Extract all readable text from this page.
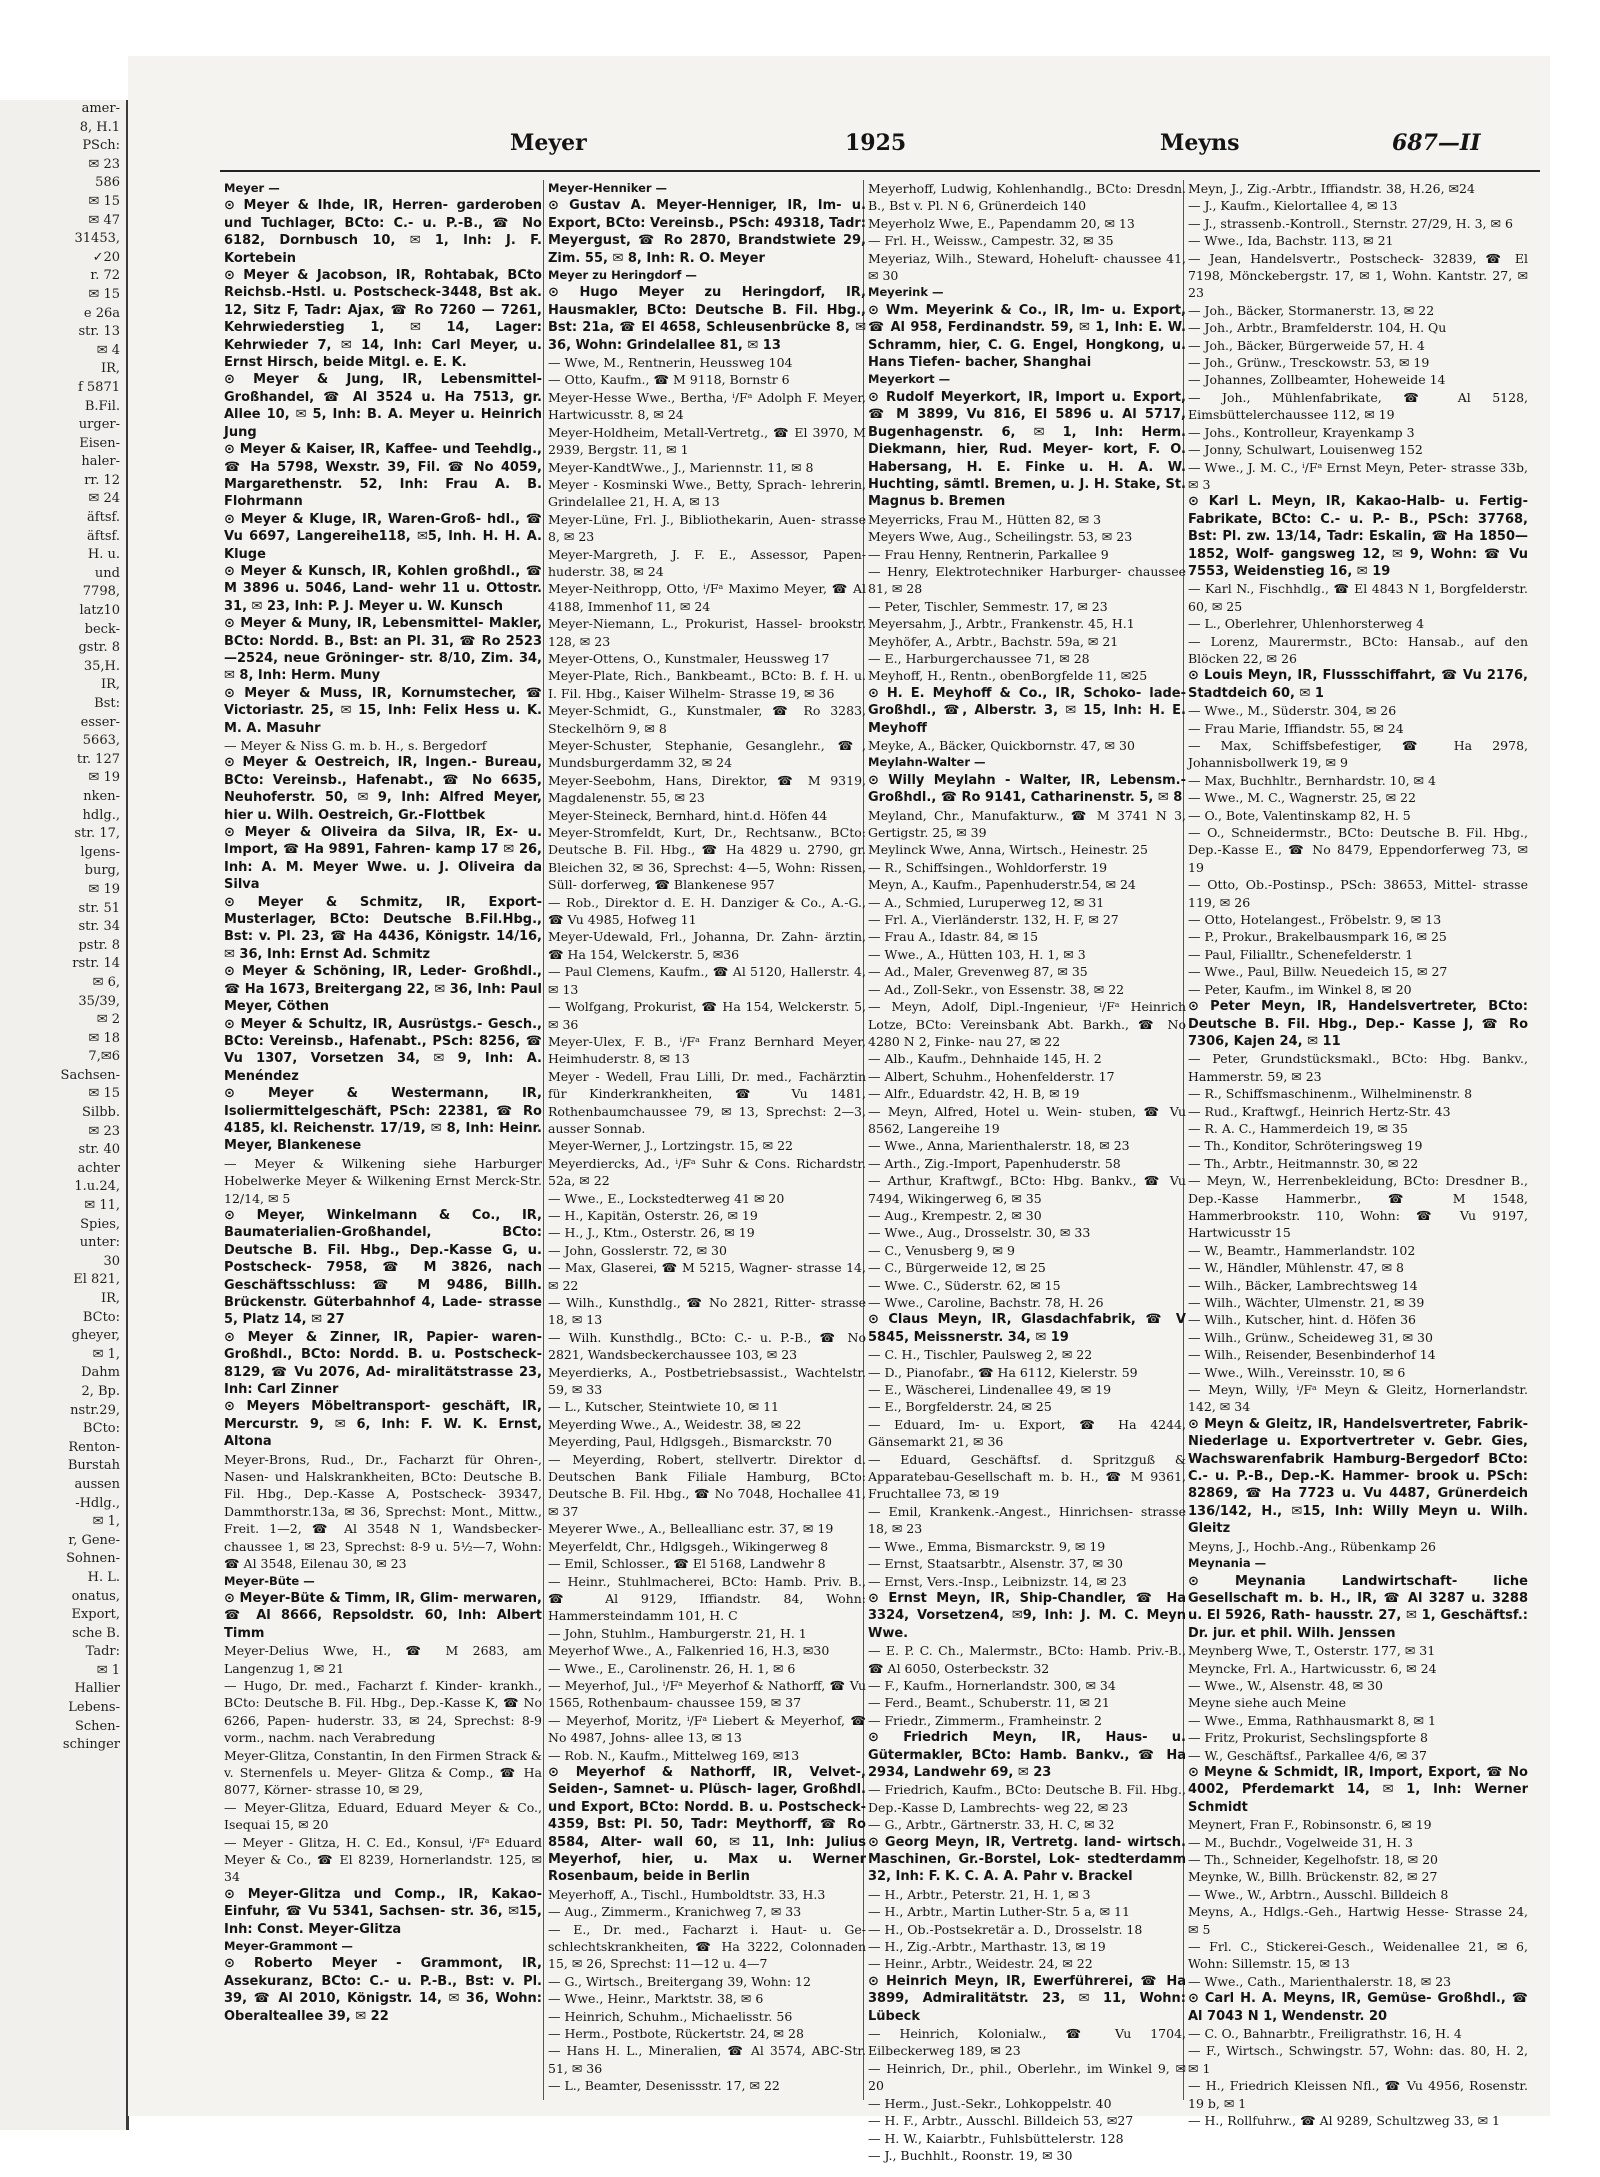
amer-
8, H.1
PSch:
✉ 23
586
✉ 15
✉ 47
31453,
✓20
r. 72
✉ 15
e 26a
str. 13
✉ 4
IR,
f 5871
B.Fil.
urger-
Eisen-
haler-
rr. 12
✉ 24
äftsf.
äftsf.
H. u.
und
7798,
latz10
beck-
gstr. 8
35,H.
IR,
Bst:
esser-
5663,
tr. 127
✉ 19
nken-
hdlg.,
str. 17,
lgens-
burg,
✉ 19
str. 51
str. 34
pstr. 8
rstr. 14
✉ 6,
35/39,
✉ 2
✉ 18
7,✉6
Sachsen-
✉ 15
Silbb.
✉ 23
str. 40
achter
1.u.24,
✉ 11,
Spies,
unter:
30
El 821,
IR,
BCto:
gheyer,
✉ 1,
Dahm
2, Bp.
nstr.29,
BCto:
Renton-
Burstah
aussen
-Hdlg.,
✉ 1,
r, Gene-
Sohnen-
H. L.
onatus,
Export,
sche B.
Tadr:
✉ 1
Hallier
Lebens-
Schen-
schinger
Meyer	1925	Meyns	687—II

Meyer —

⊙ Meyer & Ihde, IR, Herren- garderoben und Tuchlager, BCto: C.- u. P.-B., ☎ No 6182, Dornbusch 10, ✉ 1, Inh: J. F. Kortebein

⊙ Meyer & Jacobson, IR, Rohtabak, BCto Reichsb.-Hstl. u. Postscheck-3448, Bst ak. 12, Sitz F, Tadr: Ajax, ☎ Ro 7260 — 7261, Kehrwiederstieg 1, ✉ 14, Lager: Kehrwieder 7, ✉ 14, Inh: Carl Meyer, u. Ernst Hirsch, beide Mitgl. e. E. K.

⊙ Meyer & Jung, IR, Lebensmittel- Großhandel, ☎ Al 3524 u. Ha 7513, gr. Allee 10, ✉ 5, Inh: B. A. Meyer u. Heinrich Jung

⊙ Meyer & Kaiser, IR, Kaffee- und Teehdlg., ☎ Ha 5798, Wexstr. 39, Fil. ☎ No 4059, Margarethenstr. 52, Inh: Frau A. B. Flohrmann

⊙ Meyer & Kluge, IR, Waren-Groß- hdl., ☎ Vu 6697, Langereihe118, ✉5, Inh. H. H. A. Kluge

⊙ Meyer & Kunsch, IR, Kohlen großhdl., ☎ M 3896 u. 5046, Land- wehr 11 u. Ottostr. 31, ✉ 23, Inh: P. J. Meyer u. W. Kunsch

⊙ Meyer & Muny, IR, Lebensmittel- Makler, BCto: Nordd. B., Bst: an Pl. 31, ☎ Ro 2523—2524, neue Gröninger- str. 8/10, Zim. 34, ✉ 8, Inh: Herm. Muny

⊙ Meyer & Muss, IR, Kornumstecher, ☎ Victoriastr. 25, ✉ 15, Inh: Felix Hess u. K. M. A. Masuhr

— Meyer & Niss G. m. b. H., s. Bergedorf

⊙ Meyer & Oestreich, IR, Ingen.- Bureau, BCto: Vereinsb., Hafenabt., ☎ No 6635, Neuhoferstr. 50, ✉ 9, Inh: Alfred Meyer, hier u. Wilh. Oestreich, Gr.-Flottbek

⊙ Meyer & Oliveira da Silva, IR, Ex- u. Import, ☎ Ha 9891, Fahren- kamp 17 ✉ 26, Inh: A. M. Meyer Wwe. u. J. Oliveira da Silva

⊙ Meyer & Schmitz, IR, Export- Musterlager, BCto: Deutsche B.Fil.Hbg., Bst: v. Pl. 23, ☎ Ha 4436, Königstr. 14/16, ✉ 36, Inh: Ernst Ad. Schmitz

⊙ Meyer & Schöning, IR, Leder- Großhdl., ☎ Ha 1673, Breitergang 22, ✉ 36, Inh: Paul Meyer, Cöthen

⊙ Meyer & Schultz, IR, Ausrüstgs.- Gesch., BCto: Vereinsb., Hafenabt., PSch: 8256, ☎ Vu 1307, Vorsetzen 34, ✉ 9, Inh: A. Menéndez

⊙ Meyer & Westermann, IR, Isoliermittelgeschäft, PSch: 22381, ☎ Ro 4185, kl. Reichenstr. 17/19, ✉ 8, Inh: Heinr. Meyer, Blankenese

— Meyer & Wilkening siehe Harburger Hobelwerke Meyer & Wilkening Ernst Merck-Str. 12/14, ✉ 5

⊙ Meyer, Winkelmann & Co., IR, Baumaterialien-Großhandel, BCto: Deutsche B. Fil. Hbg., Dep.-Kasse G, u. Postscheck- 7958, ☎ M 3826, nach Geschäftsschluss: ☎ M 9486, Billh. Brückenstr. Güterbahnhof 4, Lade- strasse 5, Platz 14, ✉ 27

⊙ Meyer & Zinner, IR, Papier- waren-Großhdl., BCto: Nordd. B. u. Postscheck- 8129, ☎ Vu 2076, Ad- miralitätstrasse 23, Inh: Carl Zinner

⊙ Meyers Möbeltransport- geschäft, IR, Mercurstr. 9, ✉ 6, Inh: F. W. K. Ernst, Altona

Meyer-Brons, Rud., Dr., Facharzt für Ohren-, Nasen- und Halskrankheiten, BCto: Deutsche B. Fil. Hbg., Dep.-Kasse A, Postscheck- 39347, Dammthorstr.13a, ✉ 36, Sprechst: Mont., Mittw., Freit. 1—2, ☎ Al 3548 N 1, Wandsbecker- chaussee 1, ✉ 23, Sprechst: 8-9 u. 5½—7, Wohn: ☎ Al 3548, Eilenau 30, ✉ 23

Meyer-Büte —

⊙ Meyer-Büte & Timm, IR, Glim- merwaren, ☎ Al 8666, Repsoldstr. 60, Inh: Albert Timm

Meyer-Delius Wwe, H., ☎ M 2683, am Langenzug 1, ✉ 21

— Hugo, Dr. med., Facharzt f. Kinder- krankh., BCto: Deutsche B. Fil. Hbg., Dep.-Kasse K, ☎ No 6266, Papen- huderstr. 33, ✉ 24, Sprechst: 8-9 vorm., nachm. nach Verabredung

Meyer-Glitza, Constantin, In den Firmen Strack & v. Sternenfels u. Meyer- Glitza & Comp., ☎ Ha 8077, Körner- strasse 10, ✉ 29,

— Meyer-Glitza, Eduard, Eduard Meyer & Co., Isequai 15, ✉ 20

— Meyer - Glitza, H. C. Ed., Konsul, ⁱ/Fᵃ Eduard Meyer & Co., ☎ El 8239, Hornerlandstr. 125, ✉ 34

⊙ Meyer-Glitza und Comp., IR, Kakao-Einfuhr, ☎ Vu 5341, Sachsen- str. 36, ✉15, Inh: Const. Meyer-Glitza

Meyer-Grammont —

⊙ Roberto Meyer - Grammont, IR, Assekuranz, BCto: C.- u. P.-B., Bst: v. Pl. 39, ☎ Al 2010, Königstr. 14, ✉ 36, Wohn: Oberalteallee 39, ✉ 22

Meyer-Henniker —

⊙ Gustav A. Meyer-Henniger, IR, Im- u. Export, BCto: Vereinsb., PSch: 49318, Tadr: Meyergust, ☎ Ro 2870, Brandstwiete 29, Zim. 55, ✉ 8, Inh: R. O. Meyer

Meyer zu Heringdorf —

⊙ Hugo Meyer zu Heringdorf, IR, Hausmakler, BCto: Deutsche B. Fil. Hbg., Bst: 21a, ☎ El 4658, Schleusenbrücke 8, ✉ 36, Wohn: Grindelallee 81, ✉ 13

— Wwe, M., Rentnerin, Heussweg 104

— Otto, Kaufm., ☎ M 9118, Bornstr 6

Meyer-Hesse Wwe., Bertha, ⁱ/Fᵃ Adolph F. Meyer, Hartwicusstr. 8, ✉ 24

Meyer-Holdheim, Metall-Vertretg., ☎ El 3970, M 2939, Bergstr. 11, ✉ 1

Meyer-KandtWwe., J., Mariennstr. 11, ✉ 8

Meyer - Kosminski Wwe., Betty, Sprach- lehrerin, Grindelallee 21, H. A, ✉ 13

Meyer-Lüne, Frl. J., Bibliothekarin, Auen- strasse 8, ✉ 23

Meyer-Margreth, J. F. E., Assessor, Papen- huderstr. 38, ✉ 24

Meyer-Neithropp, Otto, ⁱ/Fᵃ Maximo Meyer, ☎ Al 4188, Immenhof 11, ✉ 24

Meyer-Niemann, L., Prokurist, Hassel- brookstr. 128, ✉ 23

Meyer-Ottens, O., Kunstmaler, Heussweg 17

Meyer-Plate, Rich., Bankbeamt., BCto: B. f. H. u. I. Fil. Hbg., Kaiser Wilhelm- Strasse 19, ✉ 36

Meyer-Schmidt, G., Kunstmaler, ☎ Ro 3283, Steckelhörn 9, ✉ 8

Meyer-Schuster, Stephanie, Gesanglehr., ☎, Mundsburgerdamm 32, ✉ 24

Meyer-Seebohm, Hans, Direktor, ☎ M 9319, Magdalenenstr. 55, ✉ 23

Meyer-Steineck, Bernhard, hint.d. Höfen 44

Meyer-Stromfeldt, Kurt, Dr., Rechtsanw., BCto: Deutsche B. Fil. Hbg., ☎ Ha 4829 u. 2790, gr. Bleichen 32, ✉ 36, Sprechst: 4—5, Wohn: Rissen, Süll- dorferweg, ☎ Blankenese 957

— Rob., Direktor d. E. H. Danziger & Co., A.-G., ☎ Vu 4985, Hofweg 11

Meyer-Udewald, Frl., Johanna, Dr. Zahn- ärztin, ☎ Ha 154, Welckerstr. 5, ✉36

— Paul Clemens, Kaufm., ☎ Al 5120, Hallerstr. 4, ✉ 13

— Wolfgang, Prokurist, ☎ Ha 154, Welckerstr. 5, ✉ 36

Meyer-Ulex, F. B., ⁱ/Fᵃ Franz Bernhard Meyer, Heimhuderstr. 8, ✉ 13

Meyer - Wedell, Frau Lilli, Dr. med., Fachärztin für Kinderkrankheiten, ☎ Vu 1481, Rothenbaumchaussee 79, ✉ 13, Sprechst: 2—3, ausser Sonnab.

Meyer-Werner, J., Lortzingstr. 15, ✉ 22

Meyerdiercks, Ad., ⁱ/Fᵃ Suhr & Cons. Richardstr. 52a, ✉ 22

— Wwe., E., Lockstedterweg 41 ✉ 20

— H., Kapitän, Osterstr. 26, ✉ 19

— H., J., Ktm., Osterstr. 26, ✉ 19

— John, Gosslerstr. 72, ✉ 30

— Max, Glaserei, ☎ M 5215, Wagner- strasse 14, ✉ 22

— Wilh., Kunsthdlg., ☎ No 2821, Ritter- strasse 18, ✉ 13

— Wilh. Kunsthdlg., BCto: C.- u. P.-B., ☎ No 2821, Wandsbeckerchaussee 103, ✉ 23

Meyerdierks, A., Postbetriebsassist., Wachtelstr. 59, ✉ 33

— L., Kutscher, Steintwiete 10, ✉ 11

Meyerding Wwe., A., Weidestr. 38, ✉ 22

Meyerding, Paul, Hdlgsgeh., Bismarckstr. 70

— Meyerding, Robert, stellvertr. Direktor d. Deutschen Bank Filiale Hamburg, BCto: Deutsche B. Fil. Hbg., ☎ No 7048, Hochallee 41, ✉ 37

Meyerer Wwe., A., Belleallianc estr. 37, ✉ 19

Meyerfeldt, Chr., Hdlgsgeh., Wikingerweg 8

— Emil, Schlosser., ☎ El 5168, Landwehr 8

— Heinr., Stuhlmacherei, BCto: Hamb. Priv. B., ☎ Al 9129, Iffiandstr. 84, Wohn: Hammersteindamm 101, H. C

— John, Stuhlm., Hamburgerstr. 21, H. 1

Meyerhof Wwe., A., Falkenried 16, H.3, ✉30

— Wwe., E., Carolinenstr. 26, H. 1, ✉ 6

— Meyerhof, Jul., ⁱ/Fᵃ Meyerhof & Nathorff, ☎ Vu 1565, Rothenbaum- chaussee 159, ✉ 37

— Meyerhof, Moritz, ⁱ/Fᵃ Liebert & Meyerhof, ☎ No 4987, Johns- allee 13, ✉ 13

— Rob. N., Kaufm., Mittelweg 169, ✉13

⊙ Meyerhof & Nathorff, IR, Velvet-, Seiden-, Samnet- u. Plüsch- lager, Großhdl. und Export, BCto: Nordd. B. u. Postscheck- 4359, Bst: Pl. 50, Tadr: Meythorff, ☎ Ro 8584, Alter- wall 60, ✉ 11, Inh: Julius Meyerhof, hier, u. Max u. Werner Rosenbaum, beide in Berlin

Meyerhoff, A., Tischl., Humboldtstr. 33, H.3

— Aug., Zimmerm., Kranichweg 7, ✉ 33

— E., Dr. med., Facharzt i. Haut- u. Ge- schlechtskrankheiten, ☎ Ha 3222, Colonnaden 15, ✉ 26, Sprechst: 11—12 u. 4—7

— G., Wirtsch., Breitergang 39, Wohn: 12

— Wwe., Heinr., Marktstr. 38, ✉ 6

— Heinrich, Schuhm., Michaelisstr. 56

— Herm., Postbote, Rückertstr. 24, ✉ 28

— Hans H. L., Mineralien, ☎ Al 3574, ABC-Str. 51, ✉ 36

— L., Beamter, Desenissstr. 17, ✉ 22

Meyerhoff, Ludwig, Kohlenhandlg., BCto: Dresdn. B., Bst v. Pl. N 6, Grünerdeich 140

Meyerholz Wwe, E., Papendamm 20, ✉ 13

— Frl. H., Weissw., Campestr. 32, ✉ 35

Meyeriaz, Wilh., Steward, Hoheluft- chaussee 41, ✉ 30

Meyerink —

⊙ Wm. Meyerink & Co., IR, Im- u. Export, ☎ Al 958, Ferdinandstr. 59, ✉ 1, Inh: E. W. Schramm, hier, C. G. Engel, Hongkong, u. Hans Tiefen- bacher, Shanghai

Meyerkort —

⊙ Rudolf Meyerkort, IR, Import u. Export, ☎ M 3899, Vu 816, El 5896 u. Al 5717, Bugenhagenstr. 6, ✉ 1, Inh: Herm. Diekmann, hier, Rud. Meyer- kort, F. O. Habersang, H. E. Finke u. H. A. W. Huchting, sämtl. Bremen, u. J. H. Stake, St. Magnus b. Bremen

Meyerricks, Frau M., Hütten 82, ✉ 3

Meyers Wwe, Aug., Scheilingstr. 53, ✉ 23

— Frau Henny, Rentnerin, Parkallee 9

— Henry, Elektrotechniker Harburger- chaussee 81, ✉ 28

— Peter, Tischler, Semmestr. 17, ✉ 23

Meyersahm, J., Arbtr., Frankenstr. 45, H.1

Meyhöfer, A., Arbtr., Bachstr. 59a, ✉ 21

— E., Harburgerchaussee 71, ✉ 28

Meyhoff, H., Rentn., obenBorgfelde 11, ✉25

⊙ H. E. Meyhoff & Co., IR, Schoko- lade-Großhdl., ☎, Alberstr. 3, ✉ 15, Inh: H. E. Meyhoff

Meyke, A., Bäcker, Quickbornstr. 47, ✉ 30

Meylahn-Walter —

⊙ Willy Meylahn - Walter, IR, Lebensm.-Großhdl., ☎ Ro 9141, Catharinenstr. 5, ✉ 8

Meyland, Chr., Manufakturw., ☎ M 3741 N 3, Gertigstr. 25, ✉ 39

Meylinck Wwe, Anna, Wirtsch., Heinestr. 25

— R., Schiffsingen., Wohldorferstr. 19

Meyn, A., Kaufm., Papenhuderstr.54, ✉ 24

— A., Schmied, Luruperweg 12, ✉ 31

— Frl. A., Vierländerstr. 132, H. F, ✉ 27

— Frau A., Idastr. 84, ✉ 15

— Wwe., A., Hütten 103, H. 1, ✉ 3

— Ad., Maler, Grevenweg 87, ✉ 35

— Ad., Zoll-Sekr., von Essenstr. 38, ✉ 22

— Meyn, Adolf, Dipl.-Ingenieur, ⁱ/Fᵃ Heinrich Lotze, BCto: Vereinsbank Abt. Barkh., ☎ No 4280 N 2, Finke- nau 27, ✉ 22

— Alb., Kaufm., Dehnhaide 145, H. 2

— Albert, Schuhm., Hohenfelderstr. 17

— Alfr., Eduardstr. 42, H. B, ✉ 19

— Meyn, Alfred, Hotel u. Wein- stuben, ☎ Vu 8562, Langereihe 19

— Wwe., Anna, Marienthalerstr. 18, ✉ 23

— Arth., Zig.-Import, Papenhuderstr. 58

— Arthur, Kraftwgf., BCto: Hbg. Bankv., ☎ Vu 7494, Wikingerweg 6, ✉ 35

— Aug., Krempestr. 2, ✉ 30

— Wwe., Aug., Drosselstr. 30, ✉ 33

— C., Venusberg 9, ✉ 9

— C., Bürgerweide 12, ✉ 25

— Wwe. C., Süderstr. 62, ✉ 15

— Wwe., Caroline, Bachstr. 78, H. 26

⊙ Claus Meyn, IR, Glasdachfabrik, ☎ V 5845, Meissnerstr. 34, ✉ 19

— C. H., Tischler, Paulsweg 2, ✉ 22

— D., Pianofabr., ☎ Ha 6112, Kielerstr. 59

— E., Wäscherei, Lindenallee 49, ✉ 19

— E., Borgfelderstr. 24, ✉ 25

— Eduard, Im- u. Export, ☎ Ha 4244, Gänsemarkt 21, ✉ 36

— Eduard, Geschäftsf. d. Spritzguß & Apparatebau-Gesellschaft m. b. H., ☎ M 9361, Fruchtallee 73, ✉ 19

— Emil, Krankenk.-Angest., Hinrichsen- strasse 18, ✉ 23

— Wwe., Emma, Bismarckstr. 9, ✉ 19

— Ernst, Staatsarbtr., Alsenstr. 37, ✉ 30

— Ernst, Vers.-Insp., Leibnizstr. 14, ✉ 23

⊙ Ernst Meyn, IR, Ship-Chandler, ☎ Ha 3324, Vorsetzen4, ✉9, Inh: J. M. C. Meyn Wwe.

— E. P. C. Ch., Malermstr., BCto: Hamb. Priv.-B., ☎ Al 6050, Osterbeckstr. 32

— F., Kaufm., Hornerlandstr. 300, ✉ 34

— Ferd., Beamt., Schuberstr. 11, ✉ 21

— Friedr., Zimmerm., Framheinstr. 2

⊙ Friedrich Meyn, IR, Haus- u. Gütermakler, BCto: Hamb. Bankv., ☎ Ha 2934, Landwehr 69, ✉ 23

— Friedrich, Kaufm., BCto: Deutsche B. Fil. Hbg., Dep.-Kasse D, Lambrechts- weg 22, ✉ 23

— G., Arbtr., Gärtnerstr. 33, H. C, ✉ 32

⊙ Georg Meyn, IR, Vertretg. land- wirtsch. Maschinen, Gr.-Borstel, Lok- stedterdamm 32, Inh: F. K. C. A. A. Pahr v. Brackel

— H., Arbtr., Peterstr. 21, H. 1, ✉ 3

— H., Arbtr., Martin Luther-Str. 5 a, ✉ 11

— H., Ob.-Postsekretär a. D., Drosselstr. 18

— H., Zig.-Arbtr., Marthastr. 13, ✉ 19

— Heinr., Arbtr., Weidestr. 24, ✉ 22

⊙ Heinrich Meyn, IR, Ewerführerei, ☎ Ha 3899, Admiralitätstr. 23, ✉ 11, Wohn: Lübeck

— Heinrich, Kolonialw., ☎ Vu 1704, Eilbeckerweg 189, ✉ 23

— Heinrich, Dr., phil., Oberlehr., im Winkel 9, ✉ 20

— Herm., Just.-Sekr., Lohkoppelstr. 40

— H. F., Arbtr., Ausschl. Billdeich 53, ✉27

— H. W., Kaiarbtr., Fuhlsbüttelerstr. 128

— J., Buchhlt., Roonstr. 19, ✉ 30

Meyn, J., Zig.-Arbtr., Iffiandstr. 38, H.26, ✉24

— J., Kaufm., Kielortallee 4, ✉ 13

— J., strassenb.-Kontroll., Sternstr. 27/29, H. 3, ✉ 6

— Wwe., Ida, Bachstr. 113, ✉ 21

— Jean, Handelsvertr., Postscheck- 32839, ☎ El 7198, Mönckebergstr. 17, ✉ 1, Wohn. Kantstr. 27, ✉ 23

— Joh., Bäcker, Stormanerstr. 13, ✉ 22

— Joh., Arbtr., Bramfelderstr. 104, H. Qu

— Joh., Bäcker, Bürgerweide 57, H. 4

— Joh., Grünw., Tresckowstr. 53, ✉ 19

— Johannes, Zollbeamter, Hoheweide 14

— Joh., Mühlenfabrikate, ☎ Al 5128, Eimsbüttelerchaussee 112, ✉ 19

— Johs., Kontrolleur, Krayenkamp 3

— Jonny, Schulwart, Louisenweg 152

— Wwe., J. M. C., ⁱ/Fᵃ Ernst Meyn, Peter- strasse 33b, ✉ 3

⊙ Karl L. Meyn, IR, Kakao-Halb- u. Fertig-Fabrikate, BCto: C.- u. P.- B., PSch: 37768, Bst: Pl. zw. 13/14, Tadr: Eskalin, ☎ Ha 1850—1852, Wolf- gangsweg 12, ✉ 9, Wohn: ☎ Vu 7553, Weidenstieg 16, ✉ 19

— Karl N., Fischhdlg., ☎ El 4843 N 1, Borgfelderstr. 60, ✉ 25

— L., Oberlehrer, Uhlenhorsterweg 4

— Lorenz, Maurermstr., BCto: Hansab., auf den Blöcken 22, ✉ 26

⊙ Louis Meyn, IR, Flussschiffahrt, ☎ Vu 2176, Stadtdeich 60, ✉ 1

— Wwe., M., Süderstr. 304, ✉ 26

— Frau Marie, Iffiandstr. 55, ✉ 24

— Max, Schiffsbefestiger, ☎ Ha 2978, Johannisbollwerk 19, ✉ 9

— Max, Buchhltr., Bernhardstr. 10, ✉ 4

— Wwe., M. C., Wagnerstr. 25, ✉ 22

— O., Bote, Valentinskamp 82, H. 5

— O., Schneidermstr., BCto: Deutsche B. Fil. Hbg., Dep.-Kasse E., ☎ No 8479, Eppendorferweg 73, ✉ 19

— Otto, Ob.-Postinsp., PSch: 38653, Mittel- strasse 119, ✉ 26

— Otto, Hotelangest., Fröbelstr. 9, ✉ 13

— P., Prokur., Brakelbausmpark 16, ✉ 25

— Paul, Filialltr., Schenefelderstr. 1

— Wwe., Paul, Billw. Neuedeich 15, ✉ 27

— Peter, Kaufm., im Winkel 8, ✉ 20

⊙ Peter Meyn, IR, Handelsvertreter, BCto: Deutsche B. Fil. Hbg., Dep.- Kasse J, ☎ Ro 7306, Kajen 24, ✉ 11

— Peter, Grundstücksmakl., BCto: Hbg. Bankv., Hammerstr. 59, ✉ 23

— R., Schiffsmaschinenm., Wilhelminenstr. 8

— Rud., Kraftwgf., Heinrich Hertz-Str. 43

— R. A. C., Hammerdeich 19, ✉ 35

— Th., Konditor, Schröteringsweg 19

— Th., Arbtr., Heitmannstr. 30, ✉ 22

— Meyn, W., Herrenbekleidung, BCto: Dresdner B., Dep.-Kasse Hammerbr., ☎ M 1548, Hammerbrookstr. 110, Wohn: ☎ Vu 9197, Hartwicusstr 15

— W., Beamtr., Hammerlandstr. 102

— W., Händler, Mühlenstr. 47, ✉ 8

— Wilh., Bäcker, Lambrechtsweg 14

— Wilh., Wächter, Ulmenstr. 21, ✉ 39

— Wilh., Kutscher, hint. d. Höfen 36

— Wilh., Grünw., Scheideweg 31, ✉ 30

— Wilh., Reisender, Besenbinderhof 14

— Wwe., Wilh., Vereinsstr. 10, ✉ 6

— Meyn, Willy, ⁱ/Fᵃ Meyn & Gleitz, Hornerlandstr. 142, ✉ 34

⊙ Meyn & Gleitz, IR, Handelsvertreter, Fabrik-Niederlage u. Exportvertreter v. Gebr. Gies, Wachswarenfabrik Hamburg-Bergedorf BCto: C.- u. P.-B., Dep.-K. Hammer- brook u. PSch: 82869, ☎ Ha 7723 u. Vu 4487, Grünerdeich 136/142, H., ✉15, Inh: Willy Meyn u. Wilh. Gleitz

Meyns, J., Hochb.-Ang., Rübenkamp 26

Meynania —

⊙ Meynania Landwirtschaft- liche Gesellschaft m. b. H., IR, ☎ Al 3287 u. 3288 u. El 5926, Rath- hausstr. 27, ✉ 1, Geschäftsf.: Dr. jur. et phil. Wilh. Jenssen

Meynberg Wwe, T., Osterstr. 177, ✉ 31

Meyncke, Frl. A., Hartwicusstr. 6, ✉ 24

— Wwe., W., Alsenstr. 48, ✉ 30

Meyne siehe auch Meine

— Wwe., Emma, Rathhausmarkt 8, ✉ 1

— Fritz, Prokurist, Sechslingspforte 8

— W., Geschäftsf., Parkallee 4/6, ✉ 37

⊙ Meyne & Schmidt, IR, Import, Export, ☎ No 4002, Pferdemarkt 14, ✉ 1, Inh: Werner Schmidt

Meynert, Fran F., Robinsonstr. 6, ✉ 19

— M., Buchdr., Vogelweide 31, H. 3

— Th., Schneider, Kegelhofstr. 18, ✉ 20

Meynke, W., Billh. Brückenstr. 82, ✉ 27

— Wwe., W., Arbtrn., Ausschl. Billdeich 8

Meyns, A., Hdlgs.-Geh., Hartwig Hesse- Strasse 24, ✉ 5

— Frl. C., Stickerei-Gesch., Weidenallee 21, ✉ 6, Wohn: Sillemstr. 15, ✉ 13

— Wwe., Cath., Marienthalerstr. 18, ✉ 23

⊙ Carl H. A. Meyns, IR, Gemüse- Großhdl., ☎ Al 7043 N 1, Wendenstr. 20

— C. O., Bahnarbtr., Freiligrathstr. 16, H. 4

— F., Wirtsch., Schwingstr. 57, Wohn: das. 80, H. 2, ✉ 1

— H., Friedrich Kleissen Nfl., ☎ Vu 4956, Rosenstr. 19 b, ✉ 1

— H., Rollfuhrw., ☎ Al 9289, Schultzweg 33, ✉ 1
